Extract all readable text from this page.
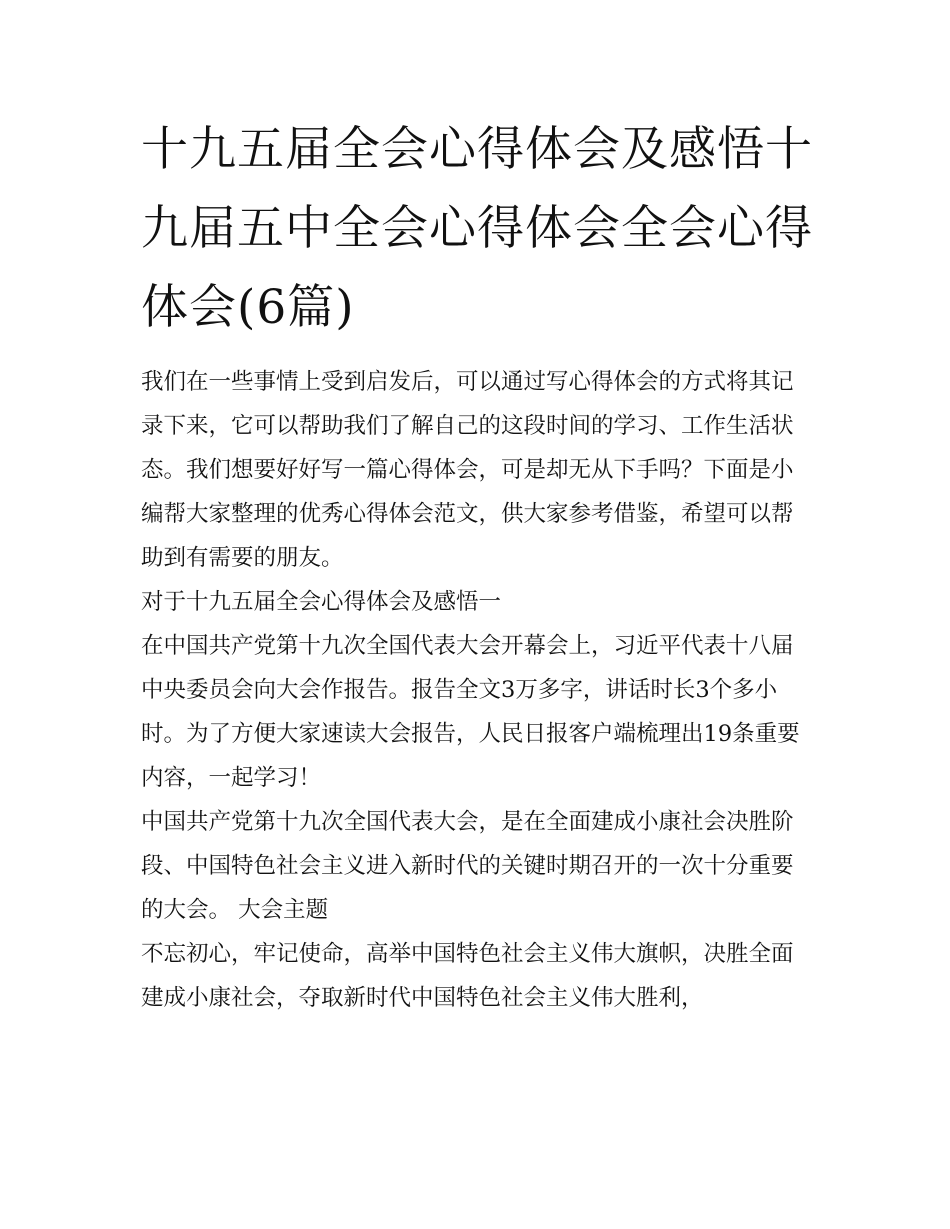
十九五届全会心得体会及感悟十九届五中全会心得体会全会心得体会(6篇)

我们在一些事情上受到启发后，可以通过写心得体会的方式将其记录下来，它可以帮助我们了解自己的这段时间的学习、工作生活状态。我们想要好好写一篇心得体会，可是却无从下手吗？下面是小编帮大家整理的优秀心得体会范文，供大家参考借鉴，希望可以帮助到有需要的朋友。

对于十九五届全会心得体会及感悟一

在中国共产党第十九次全国代表大会开幕会上，习近平代表十八届中央委员会向大会作报告。报告全文3万多字，讲话时长3个多小时。为了方便大家速读大会报告，人民日报客户端梳理出19条重要内容，一起学习！

中国共产党第十九次全国代表大会，是在全面建成小康社会决胜阶段、中国特色社会主义进入新时代的关键时期召开的一次十分重要的大会。 大会主题

不忘初心，牢记使命，高举中国特色社会主义伟大旗帜，决胜全面建成小康社会，夺取新时代中国特色社会主义伟大胜利，
